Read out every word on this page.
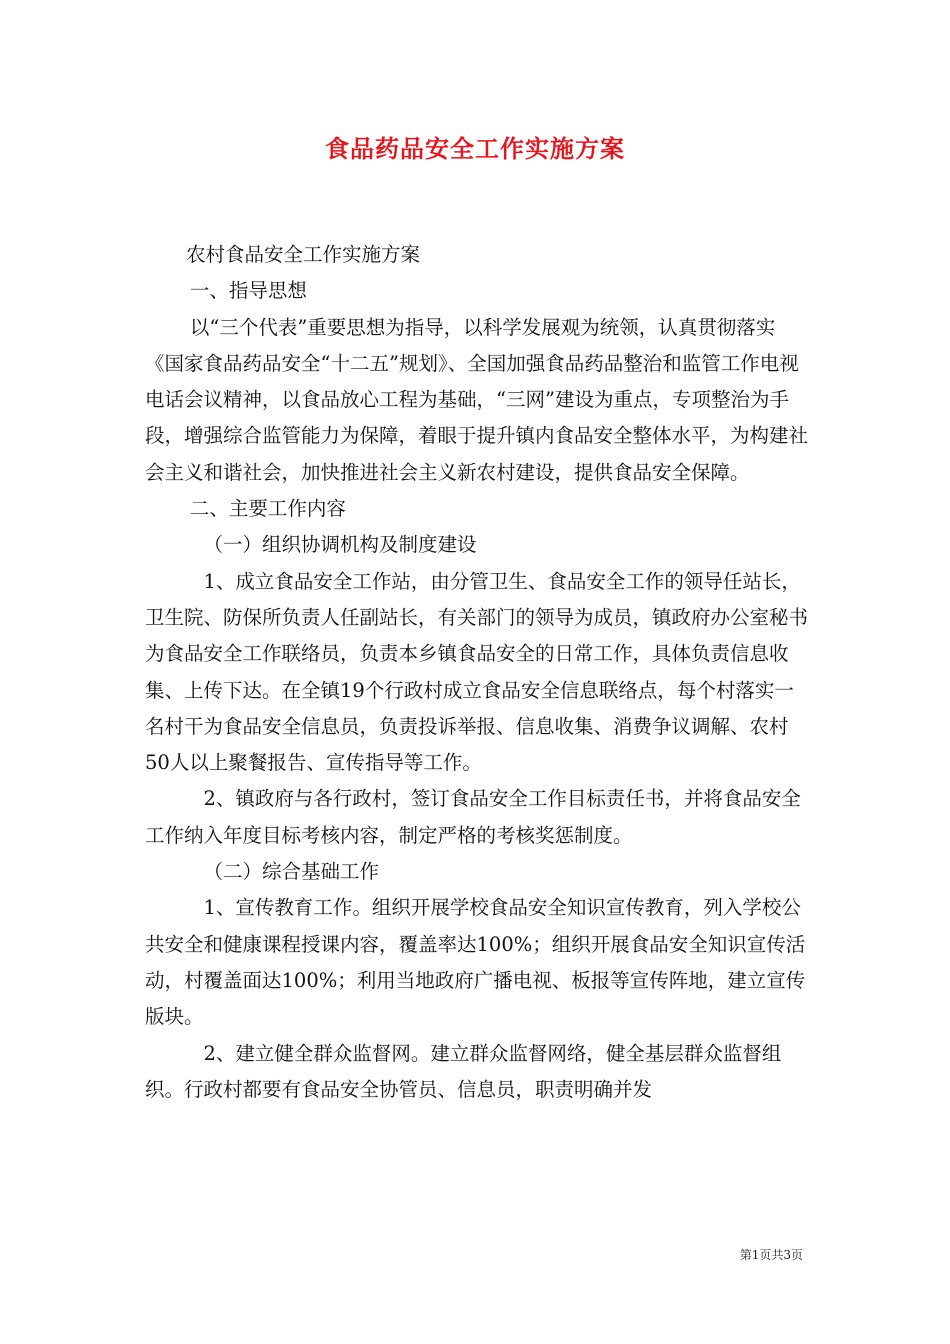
食品药品安全工作实施方案

农村食品安全工作实施方案

一、指导思想

以“三个代表”重要思想为指导，以科学发展观为统领，认真贯彻落实《国家食品药品安全“十二五”规划》、全国加强食品药品整治和监管工作电视电话会议精神，以食品放心工程为基础，“三网”建设为重点，专项整治为手段，增强综合监管能力为保障，着眼于提升镇内食品安全整体水平，为构建社会主义和谐社会，加快推进社会主义新农村建设，提供食品安全保障。

二、主要工作内容

（一）组织协调机构及制度建设

1、成立食品安全工作站，由分管卫生、食品安全工作的领导任站长，卫生院、防保所负责人任副站长，有关部门的领导为成员，镇政府办公室秘书为食品安全工作联络员，负责本乡镇食品安全的日常工作，具体负责信息收集、上传下达。在全镇19个行政村成立食品安全信息联络点，每个村落实一名村干为食品安全信息员，负责投诉举报、信息收集、消费争议调解、农村50人以上聚餐报告、宣传指导等工作。

2、镇政府与各行政村，签订食品安全工作目标责任书，并将食品安全工作纳入年度目标考核内容，制定严格的考核奖惩制度。

（二）综合基础工作

1、宣传教育工作。组织开展学校食品安全知识宣传教育，列入学校公共安全和健康课程授课内容，覆盖率达100%；组织开展食品安全知识宣传活动，村覆盖面达100%；利用当地政府广播电视、板报等宣传阵地，建立宣传版块。

2、建立健全群众监督网。建立群众监督网络，健全基层群众监督组织。行政村都要有食品安全协管员、信息员，职责明确并发

第1页共3页
